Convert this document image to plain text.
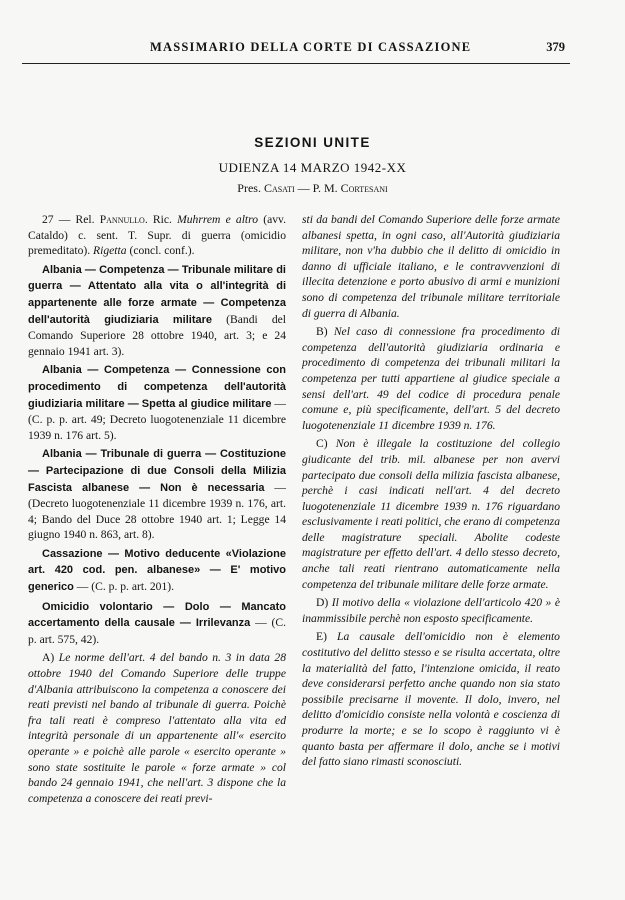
MASSIMARIO DELLA CORTE DI CASSAZIONE	379
SEZIONI UNITE
UDIENZA 14 MARZO 1942-XX
Pres. Casati — P. M. Cortesani

27 — Rel. Pannullo. Ric. Muhrrem e altro (avv. Cataldo) c. sent. T. Supr. di guerra (omicidio premeditato). Rigetta (concl. conf.).

Albania — Competenza — Tribunale militare di guerra — Attentato alla vita o all'integrità di appartenente alle forze armate — Competenza dell'autorità giudiziaria militare (Bandi del Comando Superiore 28 ottobre 1940, art. 3; e 24 gennaio 1941 art. 3).

Albania — Competenza — Connessione con procedimento di competenza dell'autorità giudiziaria militare — Spetta al giudice militare — (C. p. p. art. 49; Decreto luogotenenziale 11 dicembre 1939 n. 176 art. 5).

Albania — Tribunale di guerra — Costituzione — Partecipazione di due Consoli della Milizia Fascista albanese — Non è necessaria — (Decreto luogotenenziale 11 dicembre 1939 n. 176, art. 4; Bando del Duce 28 ottobre 1940 art. 1; Legge 14 giugno 1940 n. 863, art. 8).

Cassazione — Motivo deducente «Violazione art. 420 cod. pen. albanese» — E' motivo generico — (C. p. p. art. 201).

Omicidio volontario — Dolo — Mancato accertamento della causale — Irrilevanza — (C. p. art. 575, 42).

A) Le norme dell'art. 4 del bando n. 3 in data 28 ottobre 1940 del Comando Superiore delle truppe d'Albania attribuiscono la competenza a conoscere dei reati previsti nel bando al tribunale di guerra. Poichè fra tali reati è compreso l'attentato alla vita ed integrità personale di un appartenente all'« esercito operante » e poichè alle parole « esercito operante » sono state sostituite le parole « forze armate » col bando 24 gennaio 1941, che nell'art. 3 dispone che la competenza a conoscere dei reati previ-

sti da bandi del Comando Superiore delle forze armate albanesi spetta, in ogni caso, all'Autorità giudiziaria militare, non v'ha dubbio che il delitto di omicidio in danno di ufficiale italiano, e le contravvenzioni di illecita detenzione e porto abusivo di armi e munizioni sono di competenza del tribunale militare territoriale di guerra di Albania.

B) Nel caso di connessione fra procedimento di competenza dell'autorità giudiziaria ordinaria e procedimento di competenza dei tribunali militari la competenza per tutti appartiene al giudice speciale a sensi dell'art. 49 del codice di procedura penale comune e, più specificamente, dell'art. 5 del decreto luogotenenziale 11 dicembre 1939 n. 176.

C) Non è illegale la costituzione del collegio giudicante del trib. mil. albanese per non avervi partecipato due consoli della milizia fascista albanese, perchè i casi indicati nell'art. 4 del decreto luogotenenziale 11 dicembre 1939 n. 176 riguardano esclusivamente i reati politici, che erano di competenza delle magistrature speciali. Abolite codeste magistrature per effetto dell'art. 4 dello stesso decreto, anche tali reati rientrano automaticamente nella competenza del tribunale militare delle forze armate.

D) Il motivo della « violazione dell'articolo 420 » è inammissibile perchè non esposto specificamente.

E) La causale dell'omicidio non è elemento costitutivo del delitto stesso e se risulta accertata, oltre la materialità del fatto, l'intenzione omicida, il reato deve considerarsi perfetto anche quando non sia stato possibile precisarne il movente. Il dolo, invero, nel delitto d'omicidio consiste nella volontà e coscienza di produrre la morte; e se lo scopo è raggiunto vi è quanto basta per affermare il dolo, anche se i motivi del fatto siano rimasti sconosciuti.
